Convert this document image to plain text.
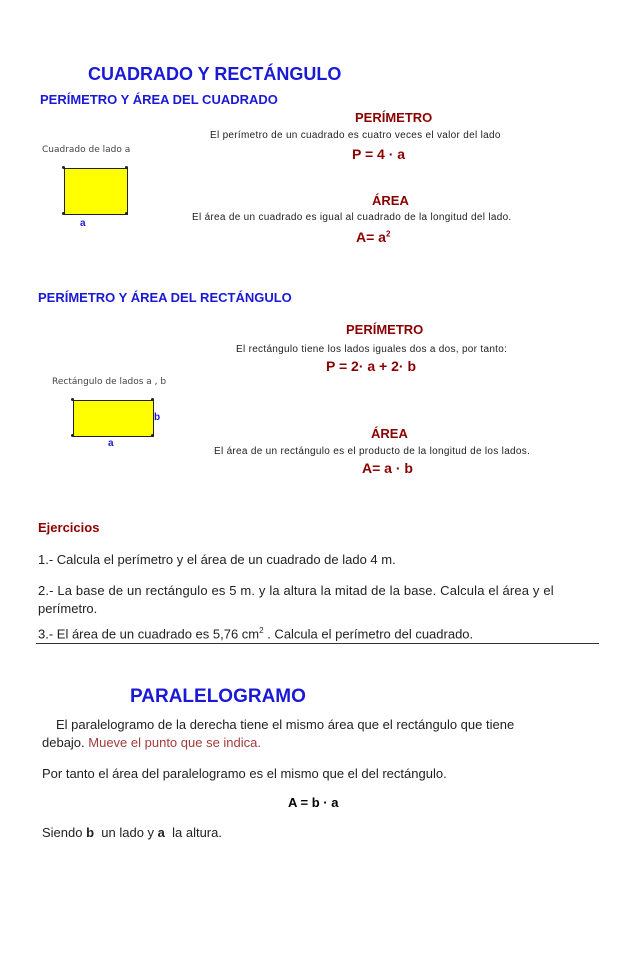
CUADRADO Y RECTÁNGULO
PERÍMETRO Y ÁREA DEL CUADRADO
PERÍMETRO
El perímetro de un cuadrado es cuatro veces el valor del lado
P = 4 · a
Cuadrado de lado a
a
ÁREA
El área de un cuadrado es igual al cuadrado de la longitud del lado.
$A= a^2$
PERÍMETRO Y ÁREA DEL RECTÁNGULO
PERÍMETRO
El rectángulo tiene los lados iguales dos a dos, por tanto:
P = 2· a + 2· b
Rectángulo de lados a , b
b
a
ÁREA
El área de un rectángulo es el producto de la longitud de los lados.
A= a · b
Ejercicios
1.- Calcula el perímetro y el área de un cuadrado de lado 4 m.
2.- La base de un rectángulo es 5 m. y la altura la mitad de la base. Calcula el área y el
perímetro.
3.- El área de un cuadrado es 5,76 $cm^2$ . Calcula el perímetro del cuadrado.
PARALELOGRAMO
El paralelogramo de la derecha tiene el mismo área que el rectángulo que tiene
debajo. Mueve el punto que se indica.
Por tanto el área del paralelogramo es el mismo que el del rectángulo.
A = b · a
Siendo b  un lado y a  la altura.
